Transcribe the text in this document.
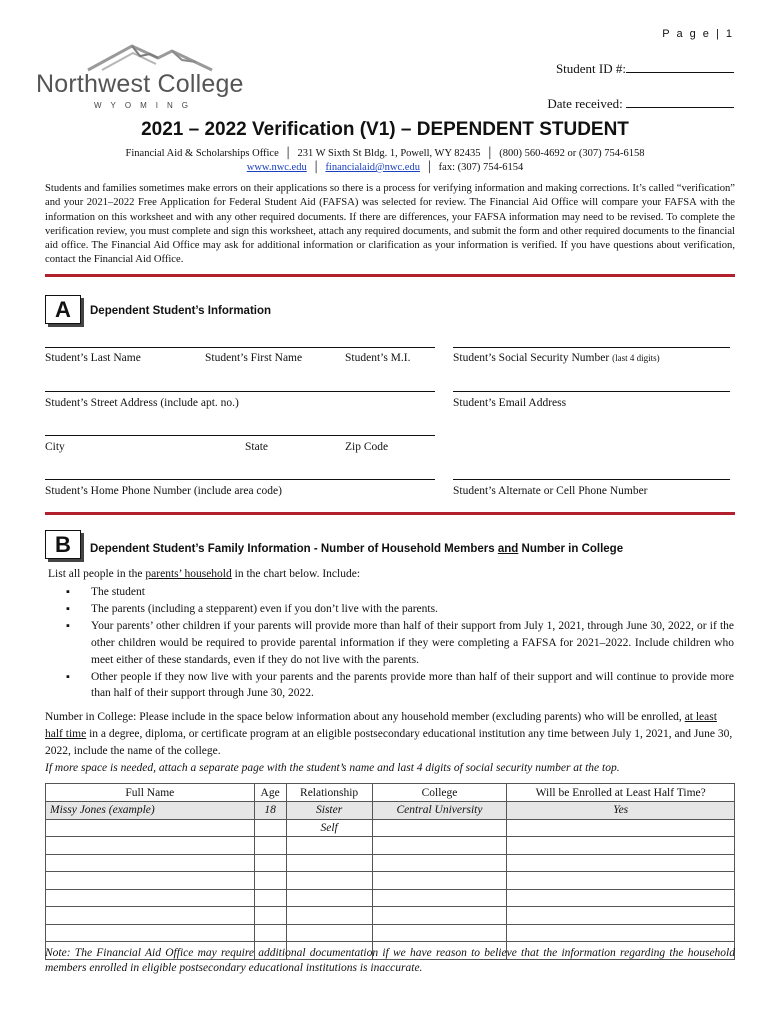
P a g e | 1
Northwest College
WYOMING
Student ID #:
Date received:
2021 – 2022 Verification (V1) – DEPENDENT STUDENT
Financial Aid & Scholarships Office │ 231 W Sixth St Bldg. 1, Powell, WY 82435 │ (800) 560-4692 or (307) 754-6158
www.nwc.edu │ financialaid@nwc.edu │ fax: (307) 754-6154
Students and families sometimes make errors on their applications so there is a process for verifying information and making corrections. It’s called “verification” and your 2021–2022 Free Application for Federal Student Aid (FAFSA) was selected for review. The Financial Aid Office will compare your FAFSA with the information on this worksheet and with any other required documents. If there are differences, your FAFSA information may need to be revised. To complete the verification review, you must complete and sign this worksheet, attach any required documents, and submit the form and other required documents to the financial aid office. The Financial Aid Office may ask for additional information or clarification as your information is verified. If you have questions about verification, contact the Financial Aid Office.
A	Dependent Student’s Information
Student’s Last Name	Student’s First Name	Student’s M.I.	Student’s Social Security Number (last 4 digits)
Student’s Street Address (include apt. no.)	Student’s Email Address
City	State	Zip Code
Student’s Home Phone Number (include area code)	Student’s Alternate or Cell Phone Number
B	Dependent Student’s Family Information - Number of Household Members and Number in College
List all people in the parents’ household in the chart below. Include:
▪ The student
▪ The parents (including a stepparent) even if you don’t live with the parents.
▪ Your parents’ other children if your parents will provide more than half of their support from July 1, 2021, through June 30, 2022, or if the other children would be required to provide parental information if they were completing a FAFSA for 2021–2022. Include children who meet either of these standards, even if they do not live with the parents.
▪ Other people if they now live with your parents and the parents provide more than half of their support and will continue to provide more than half of their support through June 30, 2022.
Number in College: Please include in the space below information about any household member (excluding parents) who will be enrolled, at least half time in a degree, diploma, or certificate program at an eligible postsecondary educational institution any time between July 1, 2021, and June 30, 2022, include the name of the college.
If more space is needed, attach a separate page with the student’s name and last 4 digits of social security number at the top.
Full Name	Age	Relationship	College	Will be Enrolled at Least Half Time?
Missy Jones (example)	18	Sister	Central University	Yes
		Self		

Note: The Financial Aid Office may require additional documentation if we have reason to believe that the information regarding the household members enrolled in eligible postsecondary educational institutions is inaccurate.
